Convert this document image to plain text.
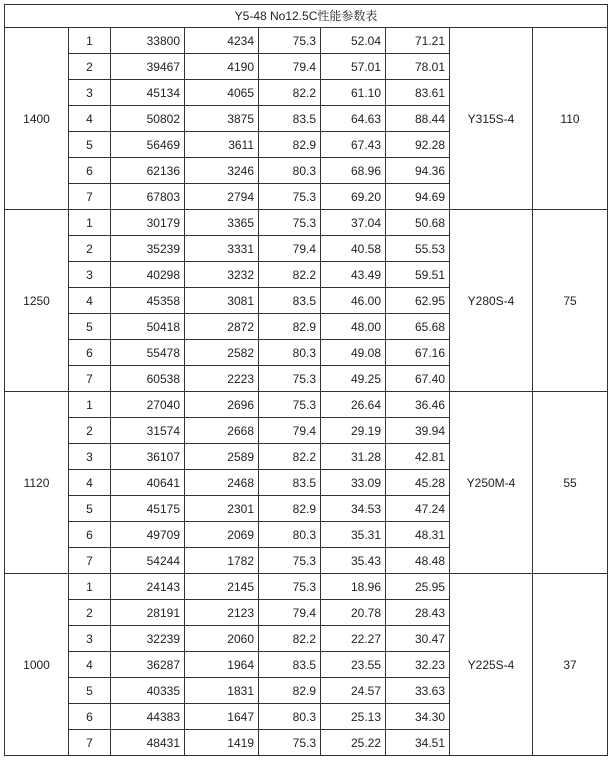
Y5-48 No12.5C性能参数表								
1400	1	33800	4234	75.3	52.04	71.21	Y315S-4	110
	2	39467	4190	79.4	57.01	78.01		
	3	45134	4065	82.2	61.10	83.61		
	4	50802	3875	83.5	64.63	88.44		
	5	56469	3611	82.9	67.43	92.28		
	6	62136	3246	80.3	68.96	94.36		
	7	67803	2794	75.3	69.20	94.69		
1250	1	30179	3365	75.3	37.04	50.68	Y280S-4	75
	2	35239	3331	79.4	40.58	55.53		
	3	40298	3232	82.2	43.49	59.51		
	4	45358	3081	83.5	46.00	62.95		
	5	50418	2872	82.9	48.00	65.68		
	6	55478	2582	80.3	49.08	67.16		
	7	60538	2223	75.3	49.25	67.40		
1120	1	27040	2696	75.3	26.64	36.46	Y250M-4	55
	2	31574	2668	79.4	29.19	39.94		
	3	36107	2589	82.2	31.28	42.81		
	4	40641	2468	83.5	33.09	45.28		
	5	45175	2301	82.9	34.53	47.24		
	6	49709	2069	80.3	35.31	48.31		
	7	54244	1782	75.3	35.43	48.48		
1000	1	24143	2145	75.3	18.96	25.95	Y225S-4	37
	2	28191	2123	79.4	20.78	28.43		
	3	32239	2060	82.2	22.27	30.47		
	4	36287	1964	83.5	23.55	32.23		
	5	40335	1831	82.9	24.57	33.63		
	6	44383	1647	80.3	25.13	34.30		
	7	48431	1419	75.3	25.22	34.51		
